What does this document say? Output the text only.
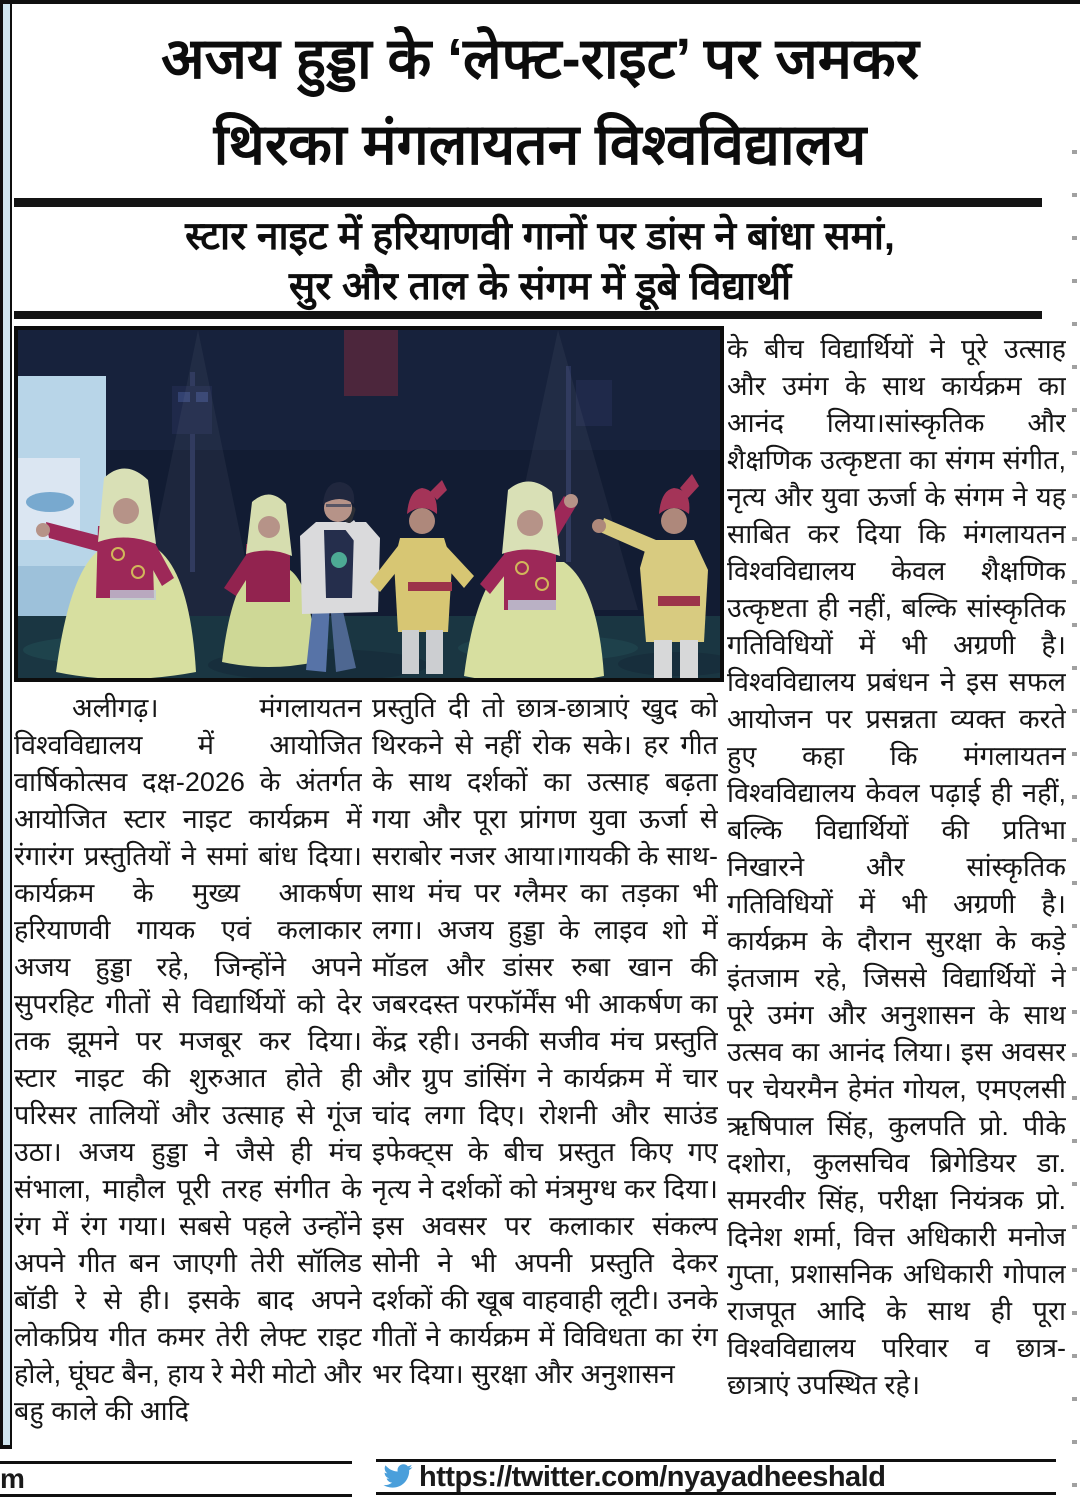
अजय हुड्डा के ‘लेफ्ट-राइट’ पर जमकर
थिरका मंगलायतन विश्वविद्यालय
स्टार नाइट में हरियाणवी गानों पर डांस ने बांधा समां,
सुर और ताल के संगम में डूबे विद्यार्थी
अलीगढ़। मंगलायतन विश्वविद्यालय में आयोजित वार्षिकोत्सव दक्ष-2026 के अंतर्गत आयोजित स्टार नाइट कार्यक्रम में रंगारंग प्रस्तुतियों ने समां बांध दिया। कार्यक्रम के मुख्य आकर्षण हरियाणवी गायक एवं कलाकार अजय हुड्डा रहे, जिन्होंने अपने सुपरहिट गीतों से विद्यार्थियों को देर तक झूमने पर मजबूर कर दिया। स्टार नाइट की शुरुआत होते ही परिसर तालियों और उत्साह से गूंज उठा। अजय हुड्डा ने जैसे ही मंच संभाला, माहौल पूरी तरह संगीत के रंग में रंग गया। सबसे पहले उन्होंने अपने गीत बन जाएगी तेरी सॉलिड बॉडी रे से ही। इसके बाद अपने लोकप्रिय गीत कमर तेरी लेफ्ट राइट होले, घूंघट बैन, हाय रे मेरी मोटो और बहु काले की आदि
प्रस्तुति दी तो छात्र-छात्राएं खुद को थिरकने से नहीं रोक सके। हर गीत के साथ दर्शकों का उत्साह बढ़ता गया और पूरा प्रांगण युवा ऊर्जा से सराबोर नजर आया।गायकी के साथ-साथ मंच पर ग्लैमर का तड़का भी लगा। अजय हुड्डा के लाइव शो में मॉडल और डांसर रुबा खान की जबरदस्त परफॉर्मेंस भी आकर्षण का केंद्र रही। उनकी सजीव मंच प्रस्तुति और ग्रुप डांसिंग ने कार्यक्रम में चार चांद लगा दिए। रोशनी और साउंड इफेक्ट्स के बीच प्रस्तुत किए गए नृत्य ने दर्शकों को मंत्रमुग्ध कर दिया। इस अवसर पर कलाकार संकल्प सोनी ने भी अपनी प्रस्तुति देकर दर्शकों की खूब वाहवाही लूटी। उनके गीतों ने कार्यक्रम में विविधता का रंग भर दिया। सुरक्षा और अनुशासन
के बीच विद्यार्थियों ने पूरे उत्साह और उमंग के साथ कार्यक्रम का आनंद लिया।सांस्कृतिक और शैक्षणिक उत्कृष्टता का संगम संगीत, नृत्य और युवा ऊर्जा के संगम ने यह साबित कर दिया कि मंगलायतन विश्वविद्यालय केवल शैक्षणिक उत्कृष्टता ही नहीं, बल्कि सांस्कृतिक गतिविधियों में भी अग्रणी है। विश्वविद्यालय प्रबंधन ने इस सफल आयोजन पर प्रसन्नता व्यक्त करते हुए कहा कि मंगलायतन विश्वविद्यालय केवल पढ़ाई ही नहीं, बल्कि विद्यार्थियों की प्रतिभा निखारने और सांस्कृतिक गतिविधियों में भी अग्रणी है। कार्यक्रम के दौरान सुरक्षा के कड़े इंतजाम रहे, जिससे विद्यार्थियों ने पूरे उमंग और अनुशासन के साथ उत्सव का आनंद लिया। इस अवसर पर चेयरमैन हेमंत गोयल, एमएलसी ऋषिपाल सिंह, कुलपति प्रो. पीके दशोरा, कुलसचिव ब्रिगेडियर डा. समरवीर सिंह, परीक्षा नियंत्रक प्रो. दिनेश शर्मा, वित्त अधिकारी मनोज गुप्ता, प्रशासनिक अधिकारी गोपाल राजपूत आदि के साथ ही पूरा विश्वविद्यालय परिवार व छात्र-छात्राएं उपस्थित रहे।
m	https://twitter.com/nyayadheeshald
